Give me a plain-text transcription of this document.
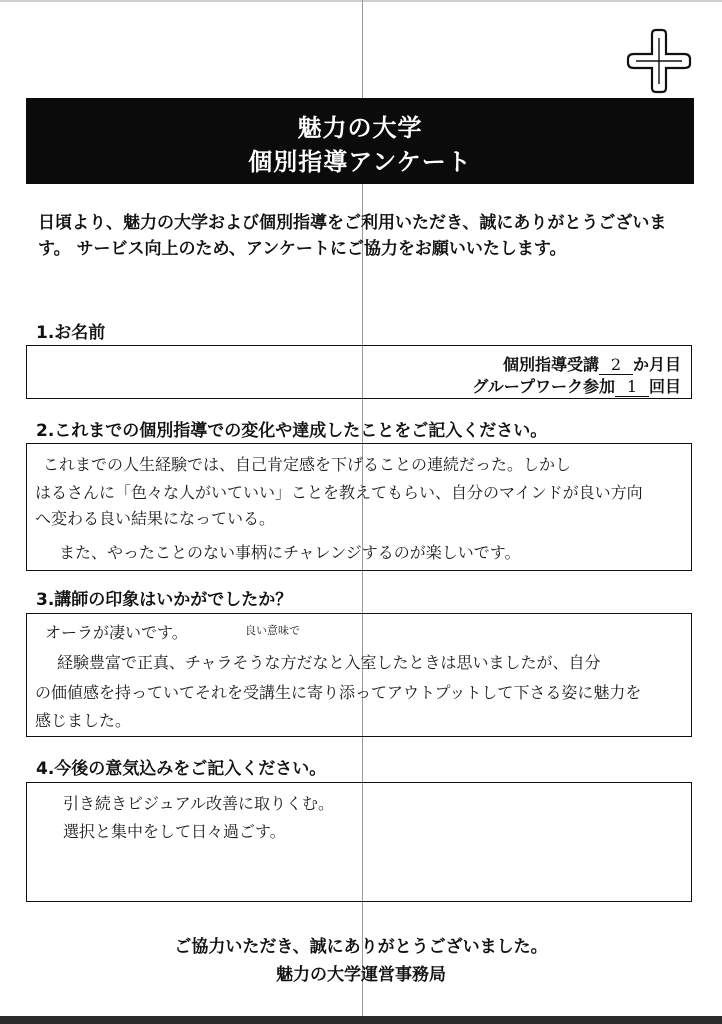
魅力の大学
個別指導アンケート
日頃より、魅力の大学および個別指導をご利用いただき、誠にありがとうございます。 サービス向上のため、アンケートにご協力をお願いいたします。
1.お名前
個別指導受講 2 か月目
グループワーク参加 1 回目
2.これまでの個別指導での変化や達成したことをご記入ください。
これまでの人生経験では、自己肯定感を下げることの連続だった。しかし
はるさんに「色々な人がいていい」ことを教えてもらい、自分のマインドが良い方向
へ変わる良い結果になっている。
また、やったことのない事柄にチャレンジするのが楽しいです。
3.講師の印象はいかがでしたか？
オーラが凄いです。	良い意味で
経験豊富で正真、チャラそうな方だなと入室したときは思いましたが、自分
の価値感を持っていてそれを受講生に寄り添ってアウトプットして下さる姿に魅力を
感じました。
4.今後の意気込みをご記入ください。
引き続きビジュアル改善に取りくむ。
選択と集中をして日々過ごす。
ご協力いただき、誠にありがとうございました。
魅力の大学運営事務局
